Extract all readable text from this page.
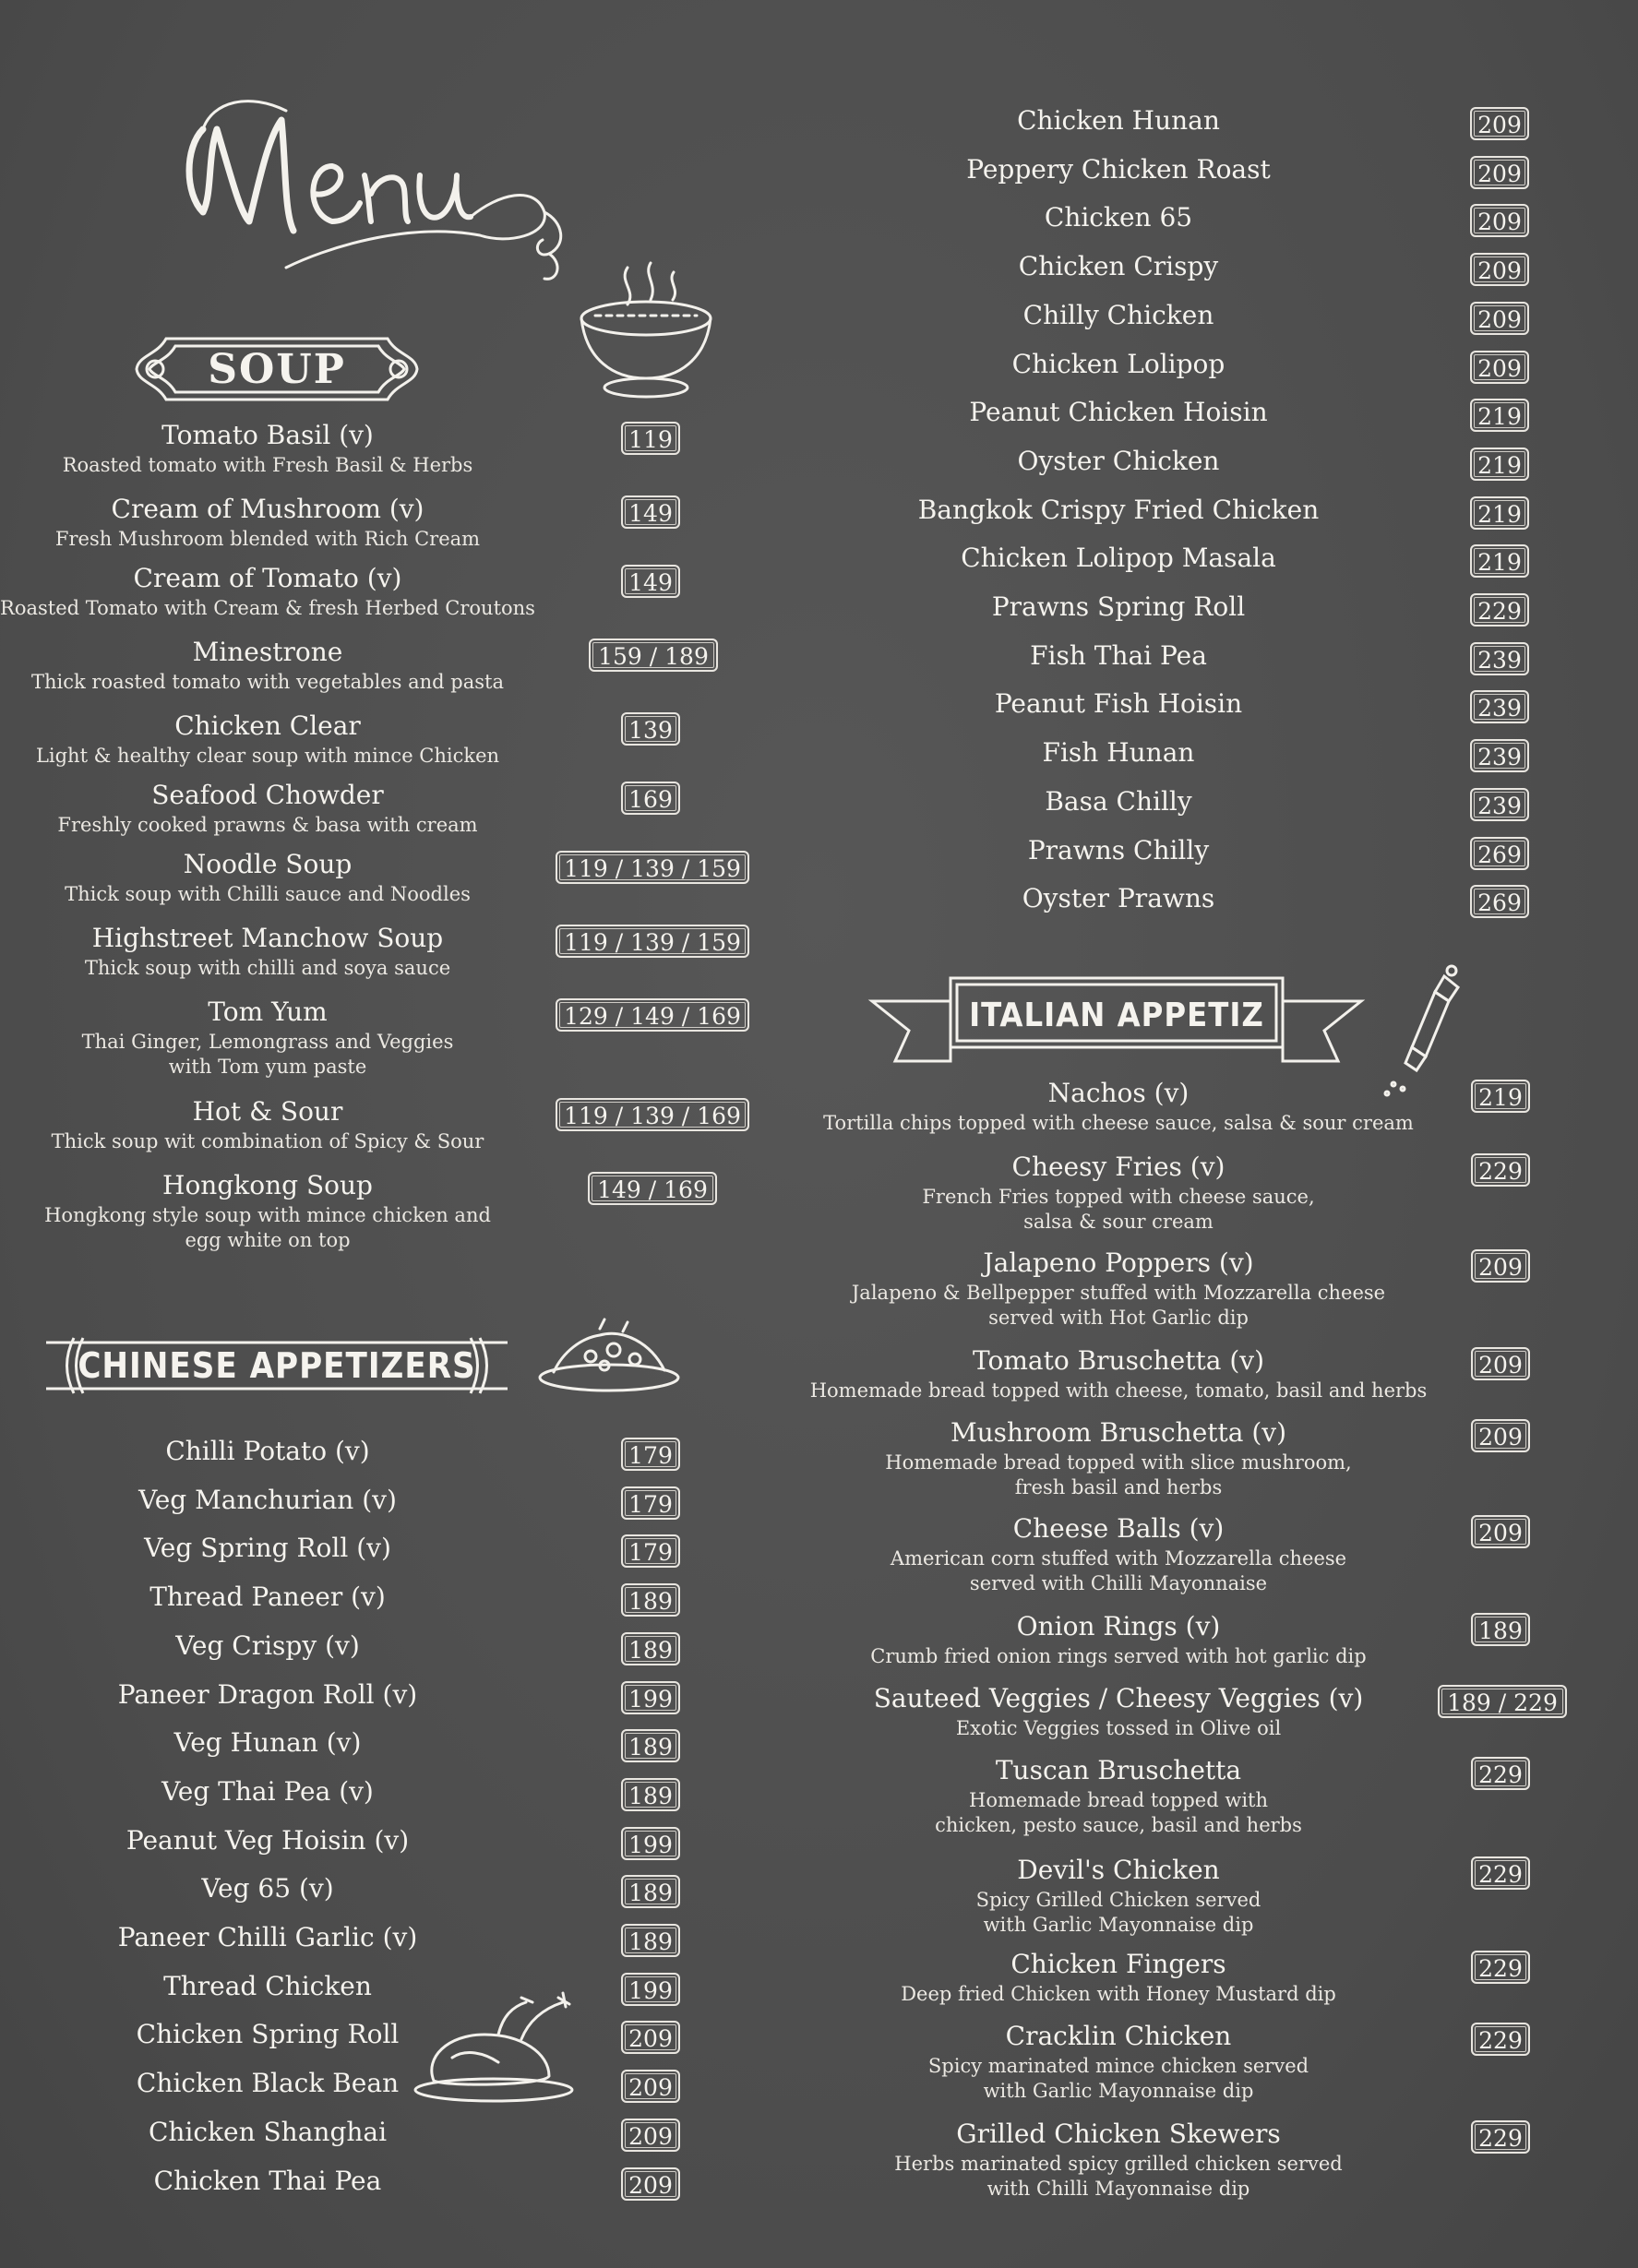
SOUP
CHINESE APPETIZERS
ITALIAN APPETIZ
Tomato Basil (v)
Roasted tomato with Fresh Basil & Herbs
119
Cream of Mushroom (v)
Fresh Mushroom blended with Rich Cream
149
Cream of Tomato (v)
Roasted Tomato with Cream & fresh Herbed Croutons
149
Minestrone
Thick roasted tomato with vegetables and pasta
159 / 189
Chicken Clear
Light & healthy clear soup with mince Chicken
139
Seafood Chowder
Freshly cooked prawns & basa with cream
169
Noodle Soup
Thick soup with Chilli sauce and Noodles
119 / 139 / 159
Highstreet Manchow Soup
Thick soup with chilli and soya sauce
119 / 139 / 159
Tom Yum
Thai Ginger, Lemongrass and Veggies
with Tom yum paste
129 / 149 / 169
Hot & Sour
Thick soup wit combination of Spicy & Sour
119 / 139 / 169
Hongkong Soup
Hongkong style soup with mince chicken and
egg white on top
149 / 169
Chilli Potato (v)	179
Veg Manchurian (v)	179
Veg Spring Roll (v)	179
Thread Paneer (v)	189
Veg Crispy (v)	189
Paneer Dragon Roll (v)	199
Veg Hunan (v)	189
Veg Thai Pea (v)	189
Peanut Veg Hoisin (v)	199
Veg 65 (v)	189
Paneer Chilli Garlic (v)	189
Thread Chicken	199
Chicken Spring Roll	209
Chicken Black Bean	209
Chicken Shanghai	209
Chicken Thai Pea	209
Chicken Hunan	209
Peppery Chicken Roast	209
Chicken 65	209
Chicken Crispy	209
Chilly Chicken	209
Chicken Lolipop	209
Peanut Chicken Hoisin	219
Oyster Chicken	219
Bangkok Crispy Fried Chicken	219
Chicken Lolipop Masala	219
Prawns Spring Roll	229
Fish Thai Pea	239
Peanut Fish Hoisin	239
Fish Hunan	239
Basa Chilly	239
Prawns Chilly	269
Oyster Prawns	269
Nachos (v)
Tortilla chips topped with cheese sauce, salsa & sour cream
219
Cheesy Fries (v)
French Fries topped with cheese sauce,
salsa & sour cream
229
Jalapeno Poppers (v)
Jalapeno & Bellpepper stuffed with Mozzarella cheese
served with Hot Garlic dip
209
Tomato Bruschetta (v)
Homemade bread topped with cheese, tomato, basil and herbs
209
Mushroom Bruschetta (v)
Homemade bread topped with slice mushroom,
fresh basil and herbs
209
Cheese Balls (v)
American corn stuffed with Mozzarella cheese
served with Chilli Mayonnaise
209
Onion Rings (v)
Crumb fried onion rings served with hot garlic dip
189
Sauteed Veggies / Cheesy Veggies (v)
Exotic Veggies tossed in Olive oil
189 / 229
Tuscan Bruschetta
Homemade bread topped with
chicken, pesto sauce, basil and herbs
229
Devil's Chicken
Spicy Grilled Chicken served
with Garlic Mayonnaise dip
229
Chicken Fingers
Deep fried Chicken with Honey Mustard dip
229
Cracklin Chicken
Spicy marinated mince chicken served
with Garlic Mayonnaise dip
229
Grilled Chicken Skewers
Herbs marinated spicy grilled chicken served
with Chilli Mayonnaise dip
229
